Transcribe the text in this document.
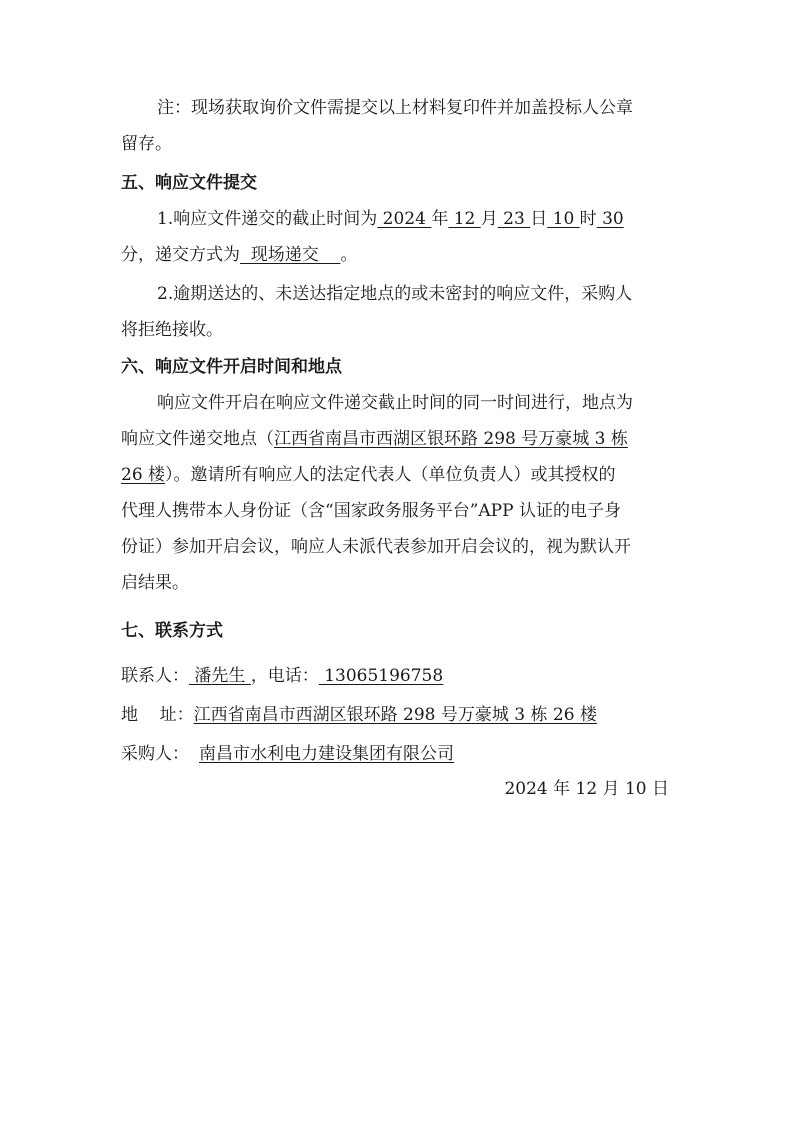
注：现场获取询价文件需提交以上材料复印件并加盖投标人公章
留存。
五、响应文件提交
1.响应文件递交的截止时间为 2024 年 12 月 23 日 10 时 30
分，递交方式为  现场递交    。
2.逾期送达的、未送达指定地点的或未密封的响应文件，采购人
将拒绝接收。
六、响应文件开启时间和地点
响应文件开启在响应文件递交截止时间的同一时间进行，地点为
响应文件递交地点（江西省南昌市西湖区银环路 298 号万豪城 3 栋
26 楼）。邀请所有响应人的法定代表人（单位负责人）或其授权的
代理人携带本人身份证（含“国家政务服务平台”APP 认证的电子身
份证）参加开启会议，响应人未派代表参加开启会议的，视为默认开
启结果。
七、联系方式
联系人： 潘先生 ，电话： 13065196758
地    址：江西省南昌市西湖区银环路 298 号万豪城 3 栋 26 楼
采购人： 南昌市水利电力建设集团有限公司
2024 年 12 月 10 日
